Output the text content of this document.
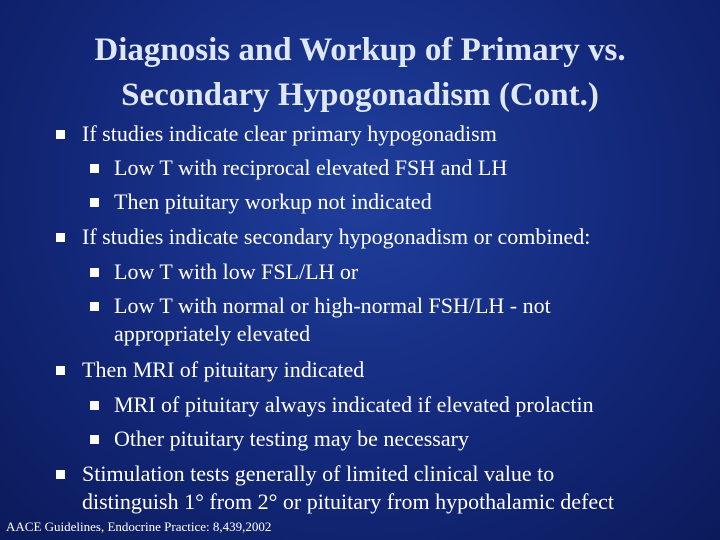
Diagnosis and Workup of Primary vs.
Secondary Hypogonadism (Cont.)
If studies indicate clear primary hypogonadism
Low T with reciprocal elevated FSH and LH
Then pituitary workup not indicated
If studies indicate secondary hypogonadism or combined:
Low T with low FSL/LH or
Low T with normal or high-normal FSH/LH - not
appropriately elevated
Then MRI of pituitary indicated
MRI of pituitary always indicated if elevated prolactin
Other pituitary testing may be necessary
Stimulation tests generally of limited clinical value to
distinguish 1° from 2° or pituitary from hypothalamic defect
AACE Guidelines, Endocrine Practice: 8,439,2002
